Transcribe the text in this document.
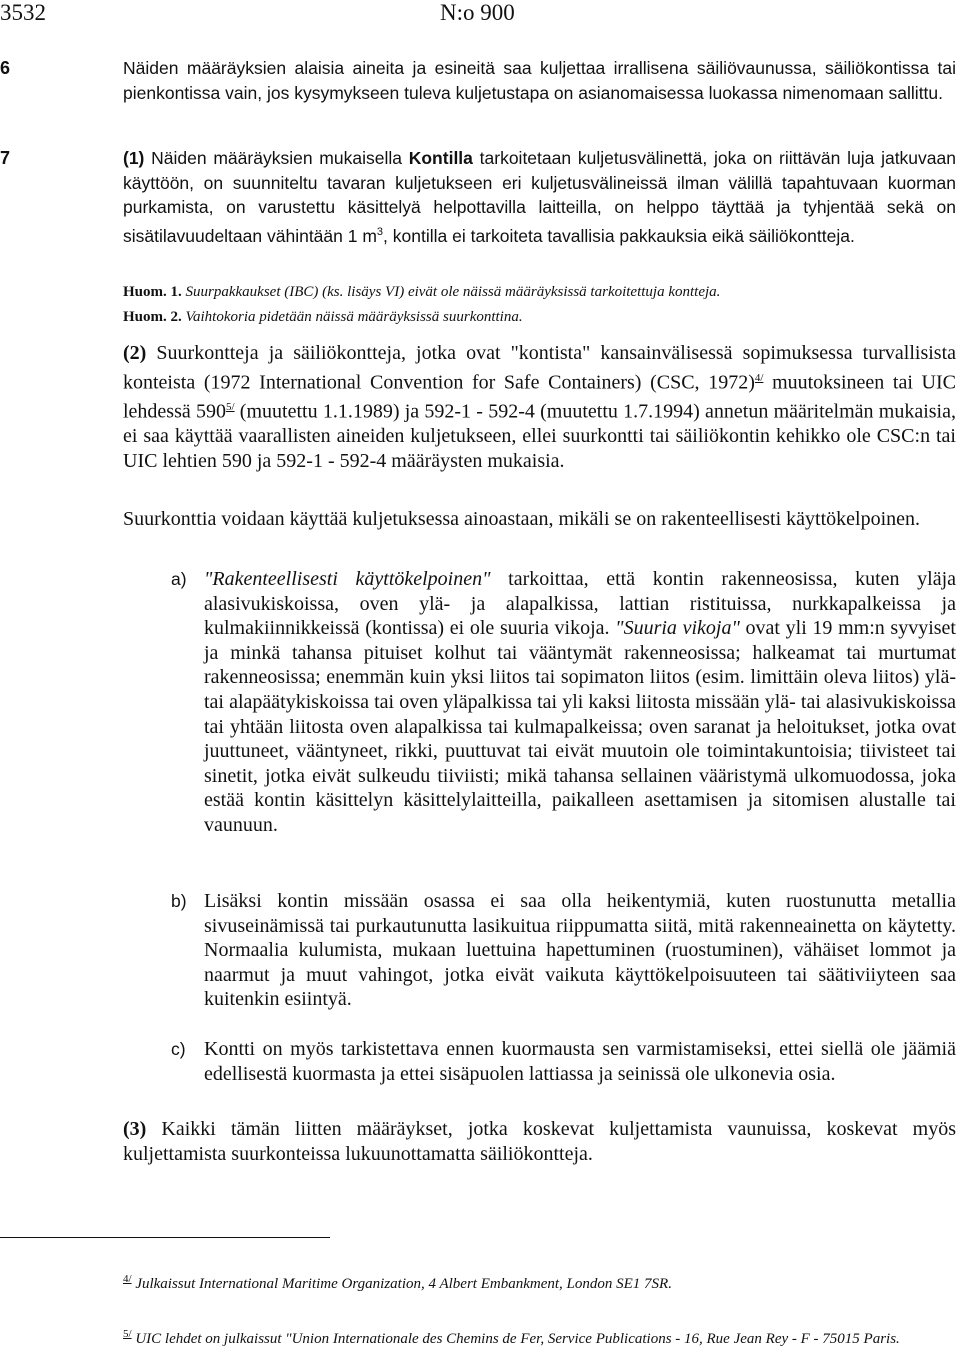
3532	N:o 900
6	Näiden määräyksien alaisia aineita ja esineitä saa kuljettaa irrallisena säiliövaunussa, säiliökontissa tai pienkontissa vain, jos kysymykseen tuleva kuljetustapa on asianomaisessa luokassa nimenomaan sallittu.
7	(1) Näiden määräyksien mukaisella Kontilla tarkoitetaan kuljetusvälinettä, joka on riittävän luja jatkuvaan käyttöön, on suunniteltu tavaran kuljetukseen eri kuljetusvälineissä ilman välillä tapahtuvaan kuorman purkamista, on varustettu käsittelyä helpottavilla laitteilla, on helppo täyttää ja tyhjentää sekä on sisätilavuudeltaan vähintään 1 $m^3$, kontilla ei tarkoiteta tavallisia pakkauksia eikä säiliökontteja.
Huom. 1. Suurpakkaukset (IBC) (ks. lisäys VI) eivät ole näissä määräyksissä tarkoitettuja kontteja.
Huom. 2. Vaihtokoria pidetään näissä määräyksissä suurkonttina.
(2) Suurkontteja ja säiliökontteja, jotka ovat "kontista" kansainvälisessä sopimuksessa turvallisista konteista (1972 International Convention for Safe Containers) (CSC, 1972)$^{4/}$ muutoksineen tai UIC lehdessä $590^{5/}$ (muutettu 1.1.1989) ja 592-1 - 592-4 (muutettu 1.7.1994) annetun määritelmän mukaisia, ei saa käyttää vaarallisten aineiden kuljetukseen, ellei suurkontti tai säiliökontin kehikko ole CSC:n tai UIC lehtien 590 ja 592-1 - 592-4 määräysten mukaisia.
Suurkonttia voidaan käyttää kuljetuksessa ainoastaan, mikäli se on rakenteellisesti käyttökelpoinen.
a) "Rakenteellisesti käyttökelpoinen" tarkoittaa, että kontin rakenneosissa, kuten yläja alasivukiskoissa, oven ylä- ja alapalkissa, lattian ristituissa, nurkkapalkeissa ja kulmakiinnikkeissä (kontissa) ei ole suuria vikoja. "Suuria vikoja" ovat yli 19 mm:n syvyiset ja minkä tahansa pituiset kolhut tai vääntymät rakenneosissa; halkeamat tai murtumat rakenneosissa; enemmän kuin yksi liitos tai sopimaton liitos (esim. limittäin oleva liitos) ylä- tai alapäätykiskoissa tai oven yläpalkissa tai yli kaksi liitosta missään ylä- tai alasivukiskoissa tai yhtään liitosta oven alapalkissa tai kulmapalkeissa; oven saranat ja heloitukset, jotka ovat juuttuneet, vääntyneet, rikki, puuttuvat tai eivät muutoin ole toimintakuntoisia; tiivisteet tai sinetit, jotka eivät sulkeudu tiiviisti; mikä tahansa sellainen vääristymä ulkomuodossa, joka estää kontin käsittelyn käsittelylaitteilla, paikalleen asettamisen ja sitomisen alustalle tai vaunuun.
b) Lisäksi kontin missään osassa ei saa olla heikentymiä, kuten ruostunutta metallia sivuseinämissä tai purkautunutta lasikuitua riippumatta siitä, mitä rakenneainetta on käytetty. Normaalia kulumista, mukaan luettuina hapettuminen (ruostuminen), vähäiset lommot ja naarmut ja muut vahingot, jotka eivät vaikuta käyttökelpoisuuteen tai säätiviiyteen saa kuitenkin esiintyä.
c) Kontti on myös tarkistettava ennen kuormausta sen varmistamiseksi, ettei siellä ole jäämiä edellisestä kuormasta ja ettei sisäpuolen lattiassa ja seinissä ole ulkonevia osia.
(3) Kaikki tämän liitten määräykset, jotka koskevat kuljettamista vaunuissa, koskevat myös kuljettamista suurkonteissa lukuunottamatta säiliökontteja.
$^{4/}$ Julkaissut International Maritime Organization, 4 Albert Embankment, London SE1 7SR.
$^{5/}$ UIC lehdet on julkaissut "Union Internationale des Chemins de Fer, Service Publications - 16, Rue Jean Rey - F - 75015 Paris.
